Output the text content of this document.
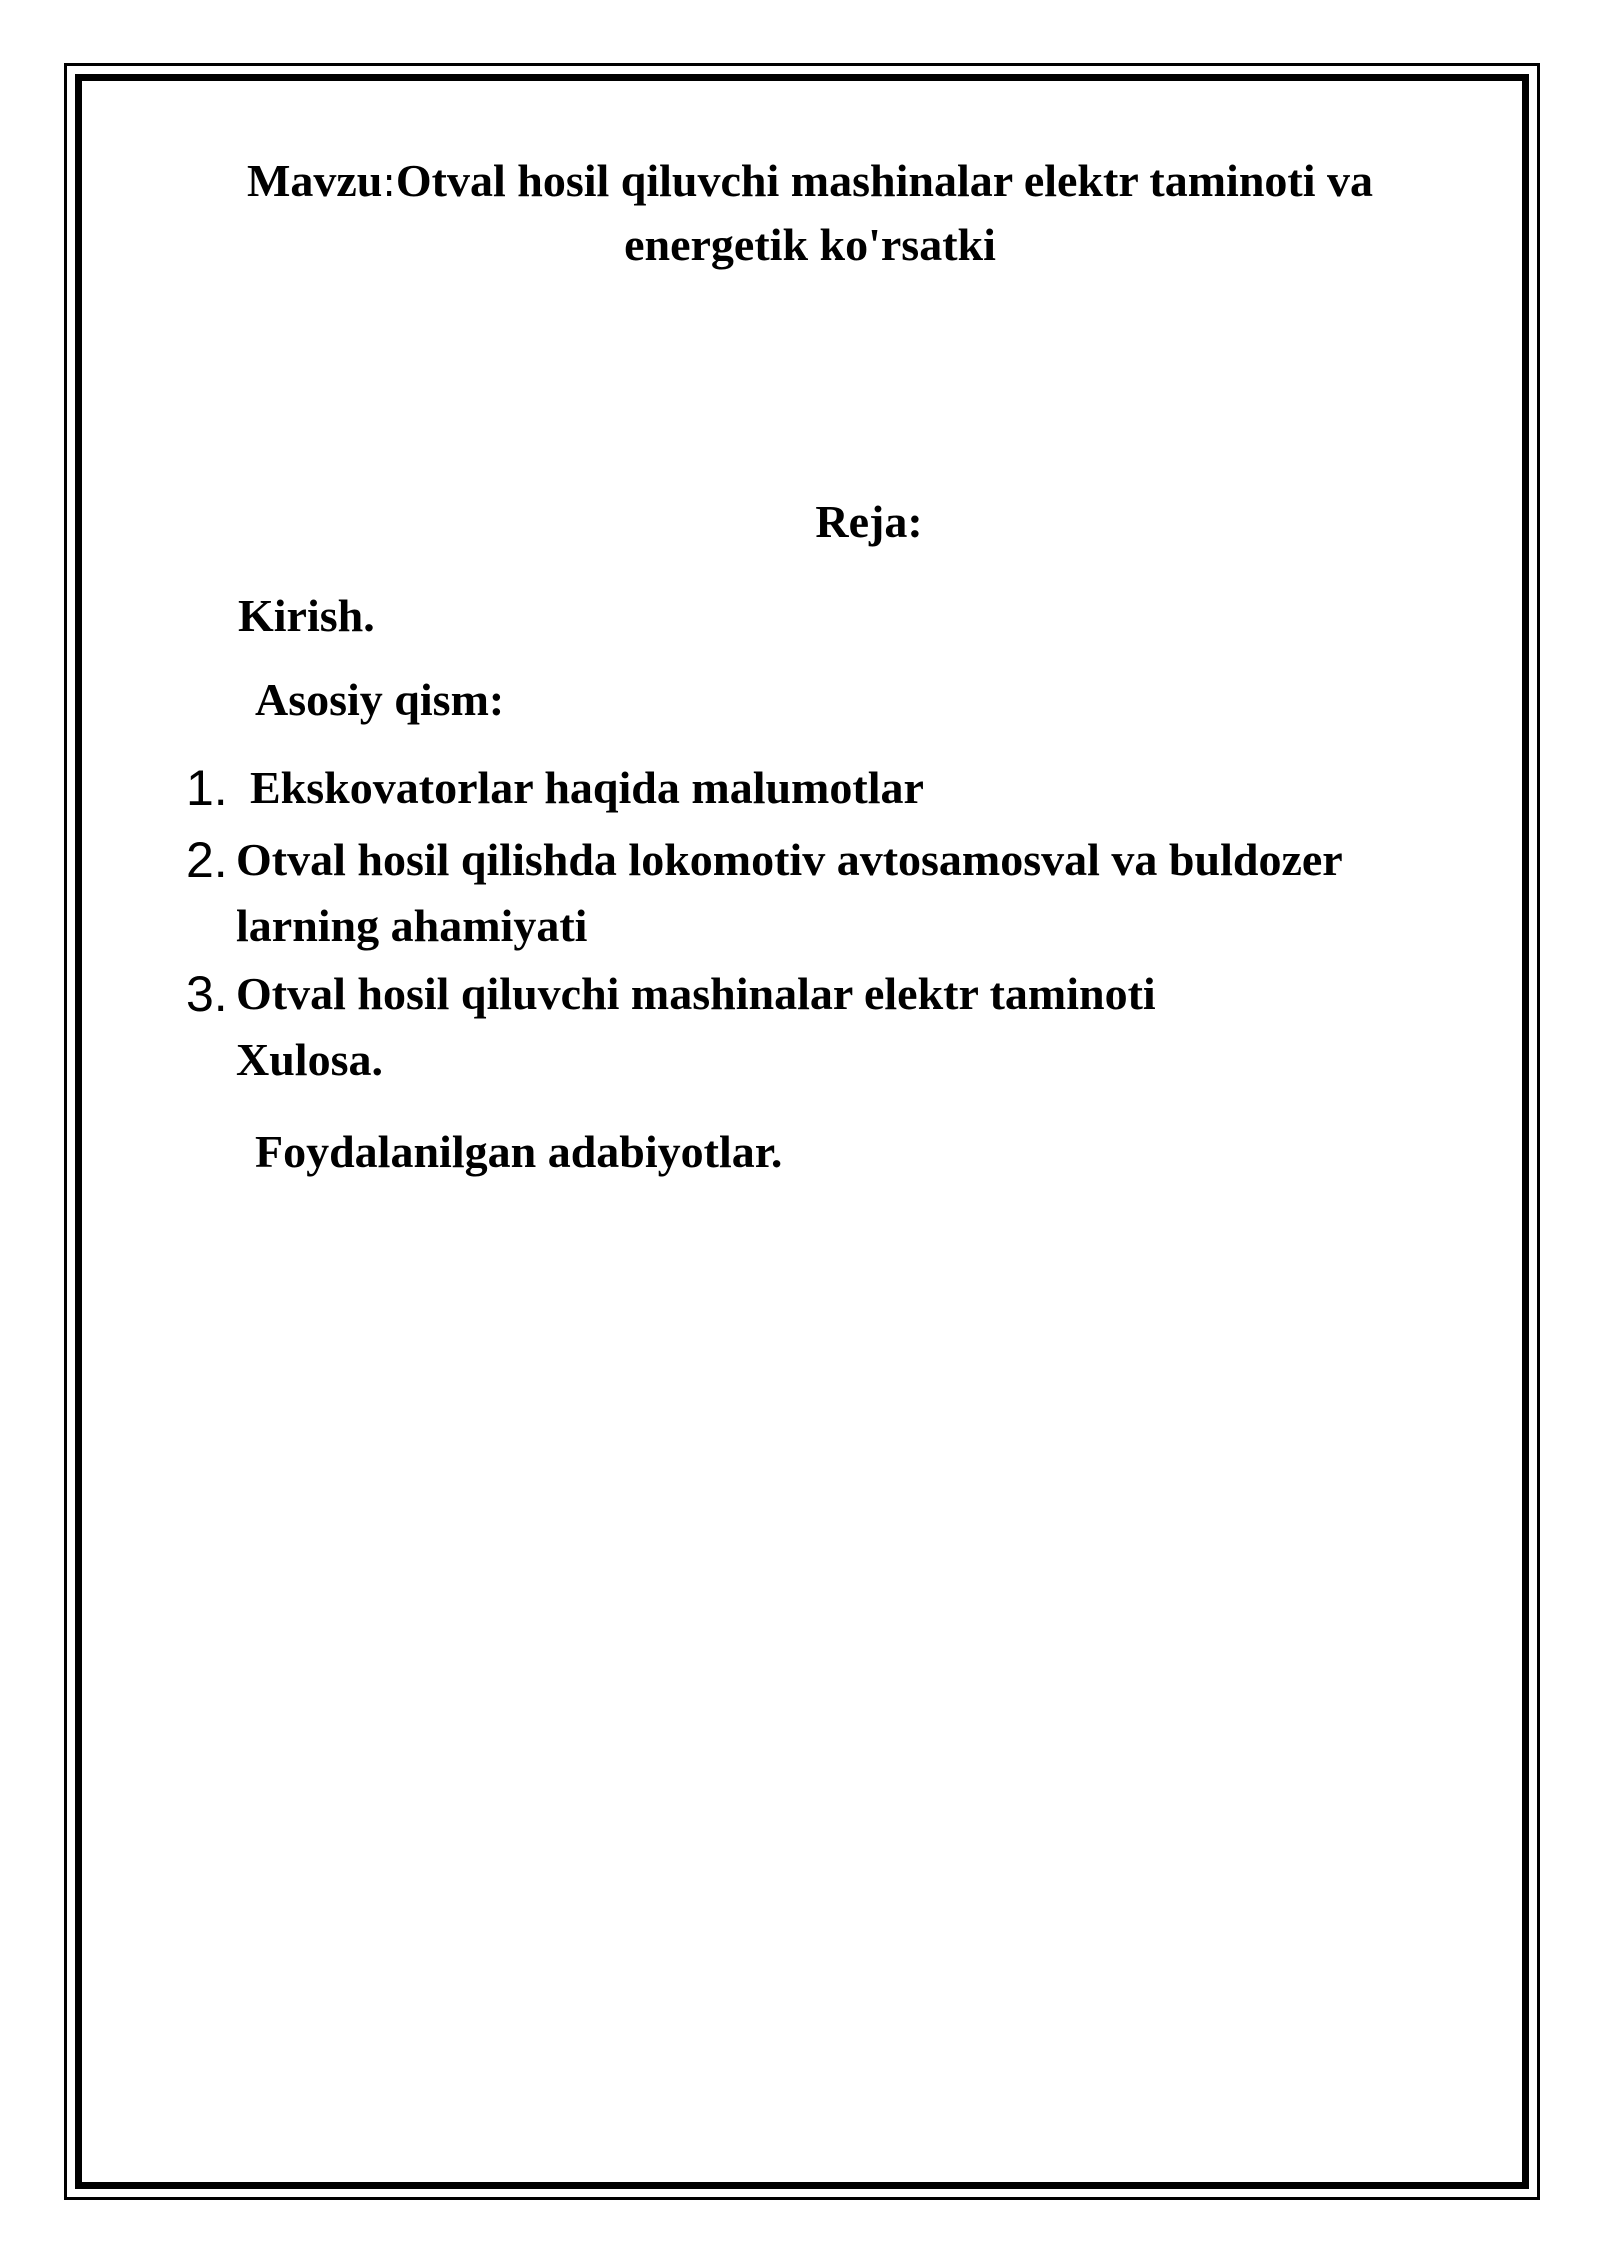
Mavzu:Otval hosil qiluvchi mashinalar elektr taminoti va
energetik ko'rsatki
Reja:
Kirish.
Asosiy qism:
1. Ekskovatorlar haqida malumotlar
2. Otval hosil qilishda lokomotiv avtosamosval va buldozer
larning ahamiyati
3. Otval hosil qiluvchi mashinalar elektr taminoti
Xulosa.
Foydalanilgan adabiyotlar.
